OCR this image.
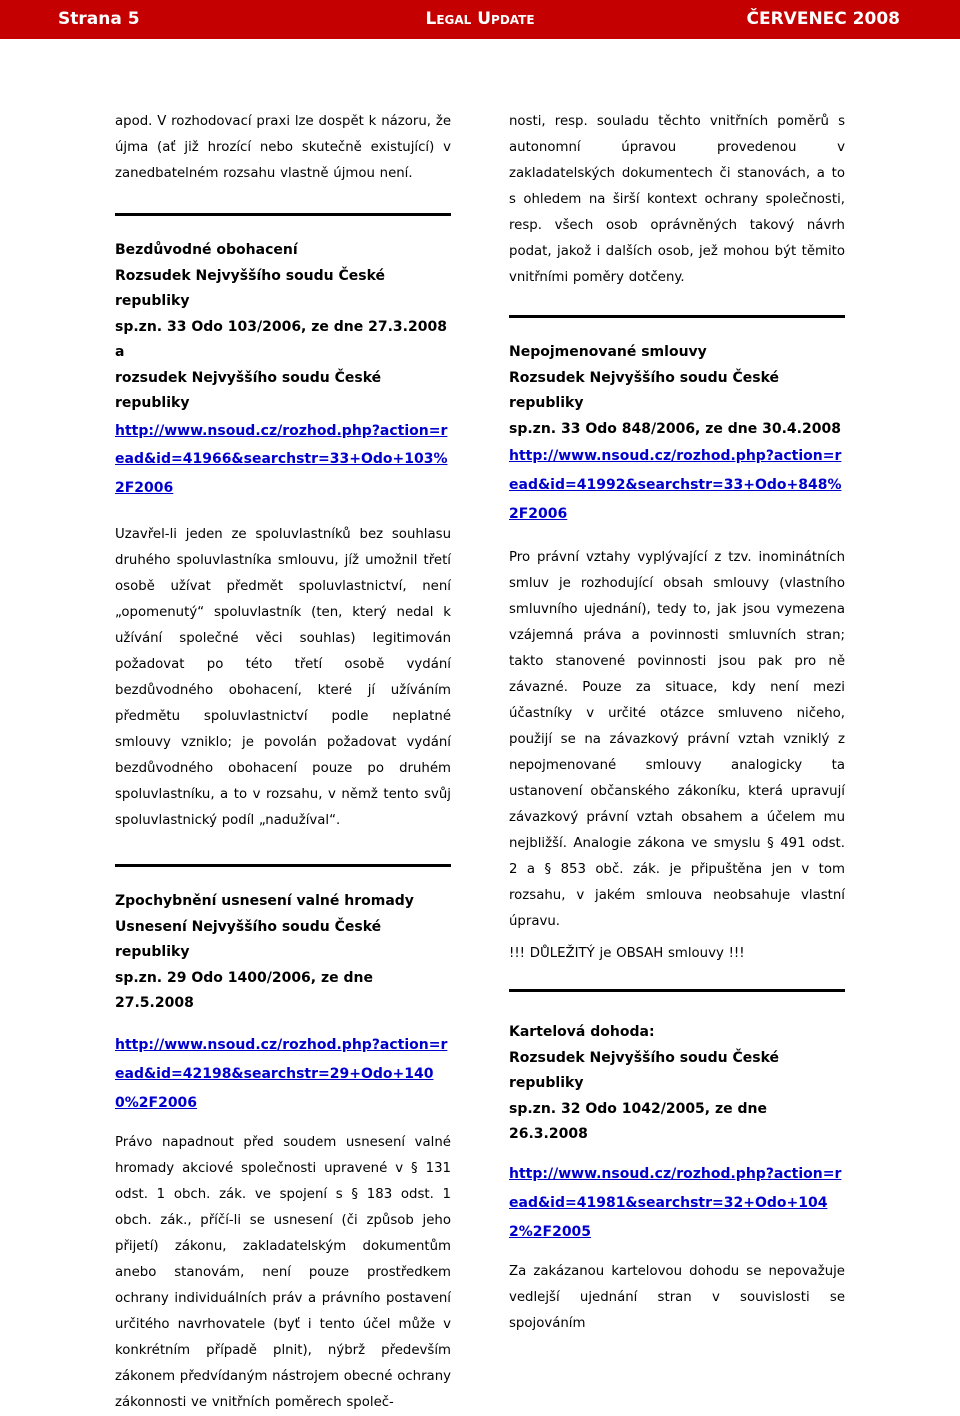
Strana 5	Legal Update	ČERVENEC 2008

apod. V rozhodovací praxi lze dospět k názoru, že újma (ať již hrozící nebo skutečně existující) v zanedbatelném rozsahu vlastně újmou není.

Bezdůvodné obohacení

Rozsudek Nejvyššího soudu České republiky

sp.zn. 33 Odo 103/2006, ze dne 27.3.2008 a

rozsudek Nejvyššího soudu České republiky

http://www.nsoud.cz/rozhod.php?action=read&id=41966&searchstr=33+Odo+103%2F2006

Uzavřel-li jeden ze spoluvlastníků bez souhlasu druhého spoluvlastníka smlouvu, jíž umožnil třetí osobě užívat předmět spoluvlastnictví, není „opomenutý“ spoluvlastník (ten, který nedal k užívání společné věci souhlas) legitimován požadovat po této třetí osobě vydání bezdůvodného obohacení, které jí užíváním předmětu spoluvlastnictví podle neplatné smlouvy vzniklo; je povolán požadovat vydání bezdůvodného obohacení pouze po druhém spoluvlastníku, a to v rozsahu, v němž tento svůj spoluvlastnický podíl „nadužíval“.

Zpochybnění usnesení valné hromady

Usnesení Nejvyššího soudu České republiky

sp.zn. 29 Odo 1400/2006, ze dne 27.5.2008

http://www.nsoud.cz/rozhod.php?action=read&id=42198&searchstr=29+Odo+1400%2F2006

Právo napadnout před soudem usnesení valné hromady akciové společnosti upravené v § 131 odst. 1 obch. zák. ve spojení s § 183 odst. 1 obch. zák., příčí-li se usnesení (či způsob jeho přijetí) zákonu, zakladatelským dokumentům anebo stanovám, není pouze prostředkem ochrany individuálních práv a právního postavení určitého navrhovatele (byť i tento účel může v konkrétním případě plnit), nýbrž především zákonem předvídaným nástrojem obecné ochrany zákonnosti ve vnitřních poměrech společ-

nosti, resp. souladu těchto vnitřních poměrů s autonomní úpravou provedenou v zakladatelských dokumentech či stanovách, a to s ohledem na širší kontext ochrany společnosti, resp. všech osob oprávněných takový návrh podat, jakož i dalších osob, jež mohou být těmito vnitřními poměry dotčeny.

Nepojmenované smlouvy

Rozsudek Nejvyššího soudu České republiky

sp.zn. 33 Odo 848/2006, ze dne 30.4.2008

http://www.nsoud.cz/rozhod.php?action=read&id=41992&searchstr=33+Odo+848%2F2006

Pro právní vztahy vyplývající z tzv. inominátních smluv je rozhodující obsah smlouvy (vlastního smluvního ujednání), tedy to, jak jsou vymezena vzájemná práva a povinnosti smluvních stran; takto stanovené povinnosti jsou pak pro ně závazné. Pouze za situace, kdy není mezi účastníky v určité otázce smluveno ničeho, použijí se na závazkový právní vztah vzniklý z nepojmenované smlouvy analogicky ta ustanovení občanského zákoníku, která upravují závazkový právní vztah obsahem a účelem mu nejbližší. Analogie zákona ve smyslu § 491 odst. 2 a § 853 obč. zák. je připuštěna jen v tom rozsahu, v jakém smlouva neobsahuje vlastní úpravu.

!!! DŮLEŽITÝ je OBSAH smlouvy !!!

Kartelová dohoda:

Rozsudek Nejvyššího soudu České republiky

sp.zn. 32 Odo 1042/2005, ze dne 26.3.2008

http://www.nsoud.cz/rozhod.php?action=read&id=41981&searchstr=32+Odo+1042%2F2005

Za zakázanou kartelovou dohodu se nepovažuje vedlejší ujednání stran v souvislosti se spojováním
